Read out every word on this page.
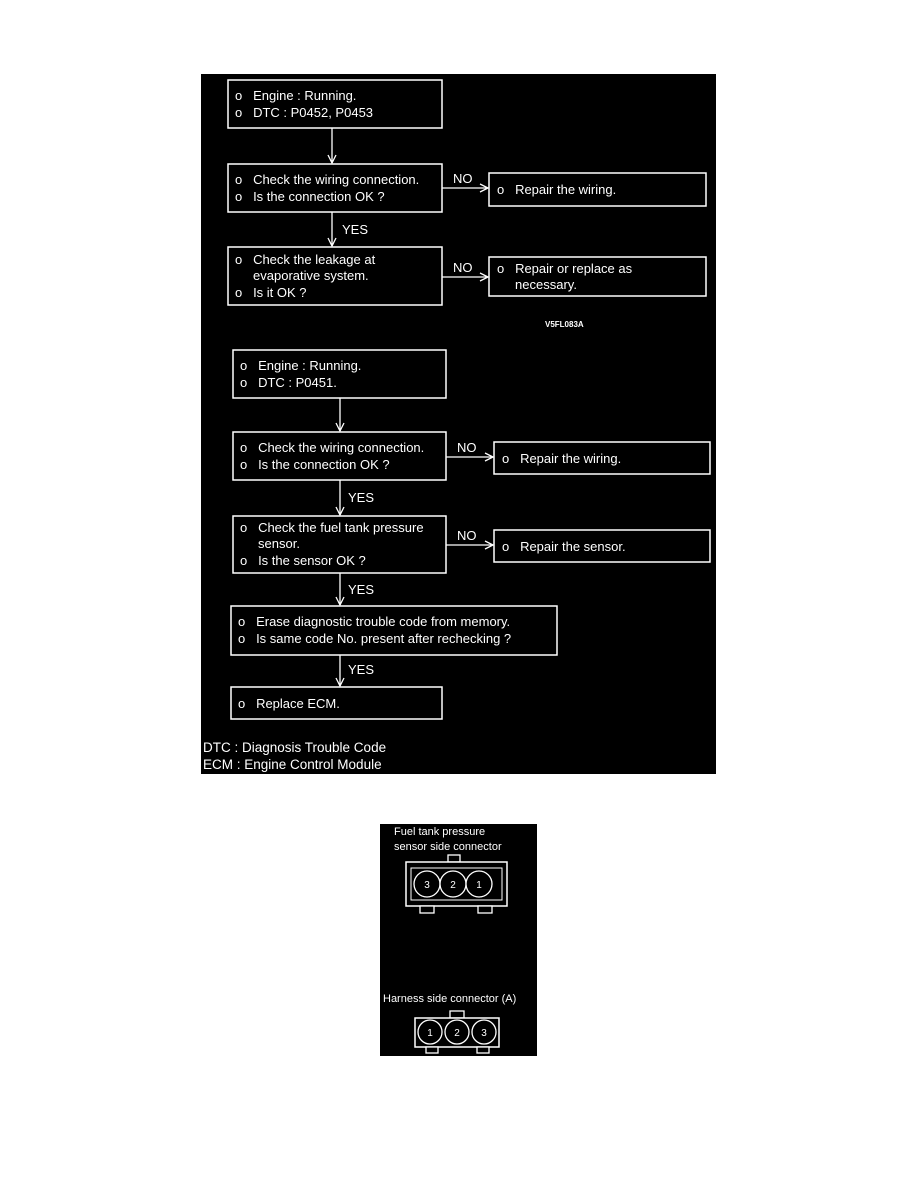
o   Engine : Running.
o   DTC : P0452, P0453
o   Check the wiring connection.
o   Is the connection OK ?
NO
o   Repair the wiring.
YES
o   Check the leakage at
evaporative system.
o   Is it OK ?
NO o   Repair or replace as
necessary.
V5FL083A
o   Engine : Running.
o   DTC : P0451.
o   Check the wiring connection.
o   Is the connection OK ?
NO
o   Repair the wiring.
YES
o   Check the fuel tank pressure
sensor.
o   Is the sensor OK ?
NO
o   Repair the sensor.
YES
o   Erase diagnostic trouble code from memory.
o   Is same code No. present after rechecking ?
YES
o   Replace ECM.
DTC : Diagnosis Trouble Code
ECM : Engine Control Module
Fuel tank pressure
sensor side connector
3 2 1
Harness side connector (A)
1 2 3
